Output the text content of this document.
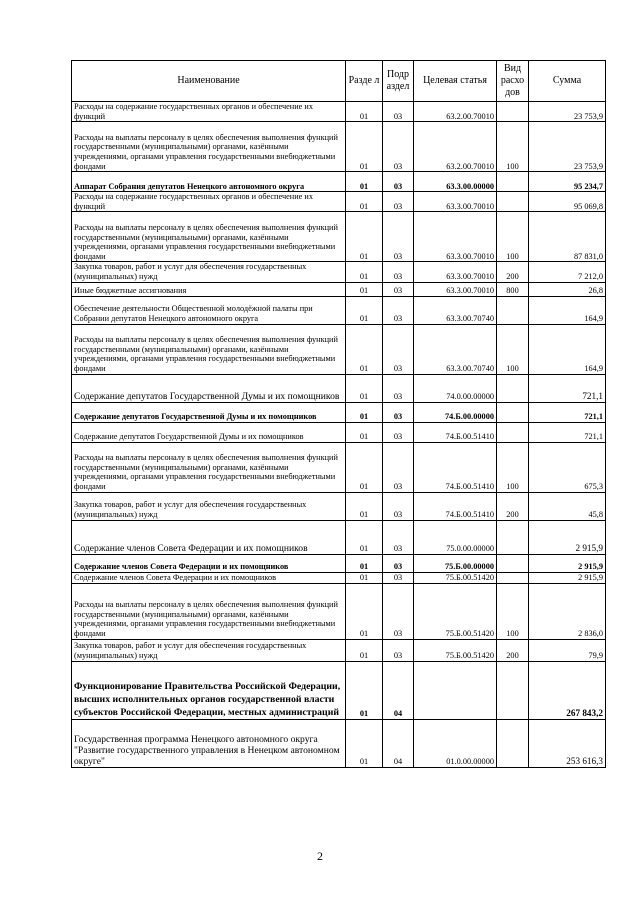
Наименование	Разде л	Подр аздел	Целевая статья	Вид расхо дов	Сумма
Расходы на содержание государственных органов и обеспечение их функций	01	03	63.2.00.70010		23 753,9
Расходы на выплаты персоналу в целях обеспечения выполнения функций государственными (муниципальными) органами, казёнными учреждениями, органами управления государственными внебюджетными фондами	01	03	63.2.00.70010	100	23 753,9
Аппарат Собрания депутатов Ненецкого автономного округа	01	03	63.3.00.00000		95 234,7
Расходы на содержание государственных органов и обеспечение их функций	01	03	63.3.00.70010		95 069,8
Расходы на выплаты персоналу в целях обеспечения выполнения функций государственными (муниципальными) органами, казёнными учреждениями, органами управления государственными внебюджетными фондами	01	03	63.3.00.70010	100	87 831,0
Закупка товаров, работ и услуг для обеспечения государственных (муниципальных) нужд	01	03	63.3.00.70010	200	7 212,0
Иные бюджетные ассигнования	01	03	63.3.00.70010	800	26,8
Обеспечение деятельности Общественной молодёжной палаты при Собрании депутатов Ненецкого автономного округа	01	03	63.3.00.70740		164,9
Расходы на выплаты персоналу в целях обеспечения выполнения функций государственными (муниципальными) органами, казёнными учреждениями, органами управления государственными внебюджетными фондами	01	03	63.3.00.70740	100	164,9
Содержание депутатов Государственной Думы и их помощников	01	03	74.0.00.00000		721,1
Содержание депутатов Государственной Думы и их помощников	01	03	74.Б.00.00000		721,1
Содержание депутатов Государственной Думы и их помощников	01	03	74.Б.00.51410		721,1
Расходы на выплаты персоналу в целях обеспечения выполнения функций государственными (муниципальными) органами, казёнными учреждениями, органами управления государственными внебюджетными фондами	01	03	74.Б.00.51410	100	675,3
Закупка товаров, работ и услуг для обеспечения государственных (муниципальных) нужд	01	03	74.Б.00.51410	200	45,8
Содержание членов Совета Федерации и их помощников	01	03	75.0.00.00000		2 915,9
Содержание членов Совета Федерации и их помощников	01	03	75.Б.00.00000		2 915,9
Содержание членов Совета Федерации и их помощников	01	03	75.Б.00.51420		2 915,9
Расходы на выплаты персоналу в целях обеспечения выполнения функций государственными (муниципальными) органами, казёнными учреждениями, органами управления государственными внебюджетными фондами	01	03	75.Б.00.51420	100	2 836,0
Закупка товаров, работ и услуг для обеспечения государственных (муниципальных) нужд	01	03	75.Б.00.51420	200	79,9
Функционирование Правительства Российской Федерации, высших исполнительных органов государственной власти субъектов Российской Федерации, местных администраций	01	04			267 843,2
Государственная программа Ненецкого автономного округа "Развитие государственного управления в Ненецком автономном округе"	01	04	01.0.00.00000		253 616,3
2
